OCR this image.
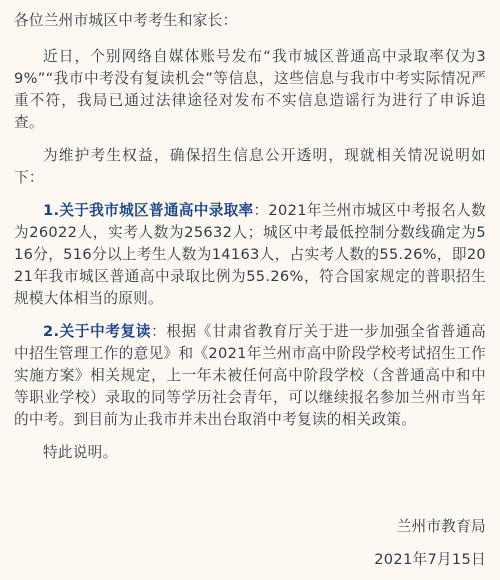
各位兰州市城区中考考生和家长：

近日，个别网络自媒体账号发布“我市城区普通高中录取率仅为39%”“我市中考没有复读机会”等信息，这些信息与我市中考实际情况严重不符，我局已通过法律途径对发布不实信息造谣行为进行了申诉追查。

为维护考生权益，确保招生信息公开透明，现就相关情况说明如下：

1.关于我市城区普通高中录取率：2021年兰州市城区中考报名人数为26022人，实考人数为25632人；城区中考最低控制分数线确定为516分，516分以上考生人数为14163人，占实考人数的55.26%，即2021年我市城区普通高中录取比例为55.26%，符合国家规定的普职招生规模大体相当的原则。

2.关于中考复读：根据《甘肃省教育厅关于进一步加强全省普通高中招生管理工作的意见》和《2021年兰州市高中阶段学校考试招生工作实施方案》相关规定，上一年未被任何高中阶段学校（含普通高中和中等职业学校）录取的同等学历社会青年，可以继续报名参加兰州市当年的中考。到目前为止我市并未出台取消中考复读的相关政策。

特此说明。

兰州市教育局
2021年7月15日
